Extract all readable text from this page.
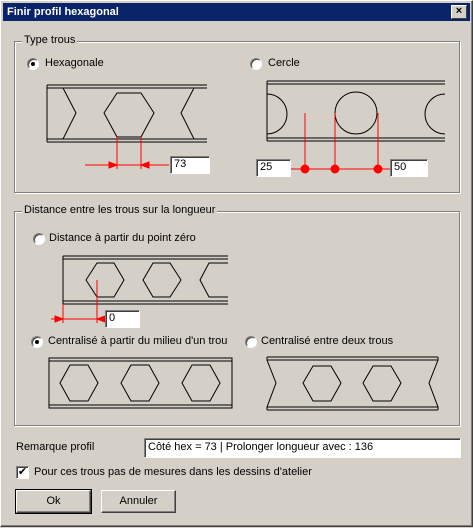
Finir profil hexagonal	×
Type trous
Hexagonale	Cercle
73	25	50
Distance entre les trous sur la longueur
Distance à partir du point zéro
0
Centralisé à partir du milieu d'un trou	Centralisé entre deux trous
Remarque profil	Côté hex = 73 | Prolonger longueur avec : 136
✔ Pour ces trous pas de mesures dans les dessins d'atelier
Ok	Annuler
